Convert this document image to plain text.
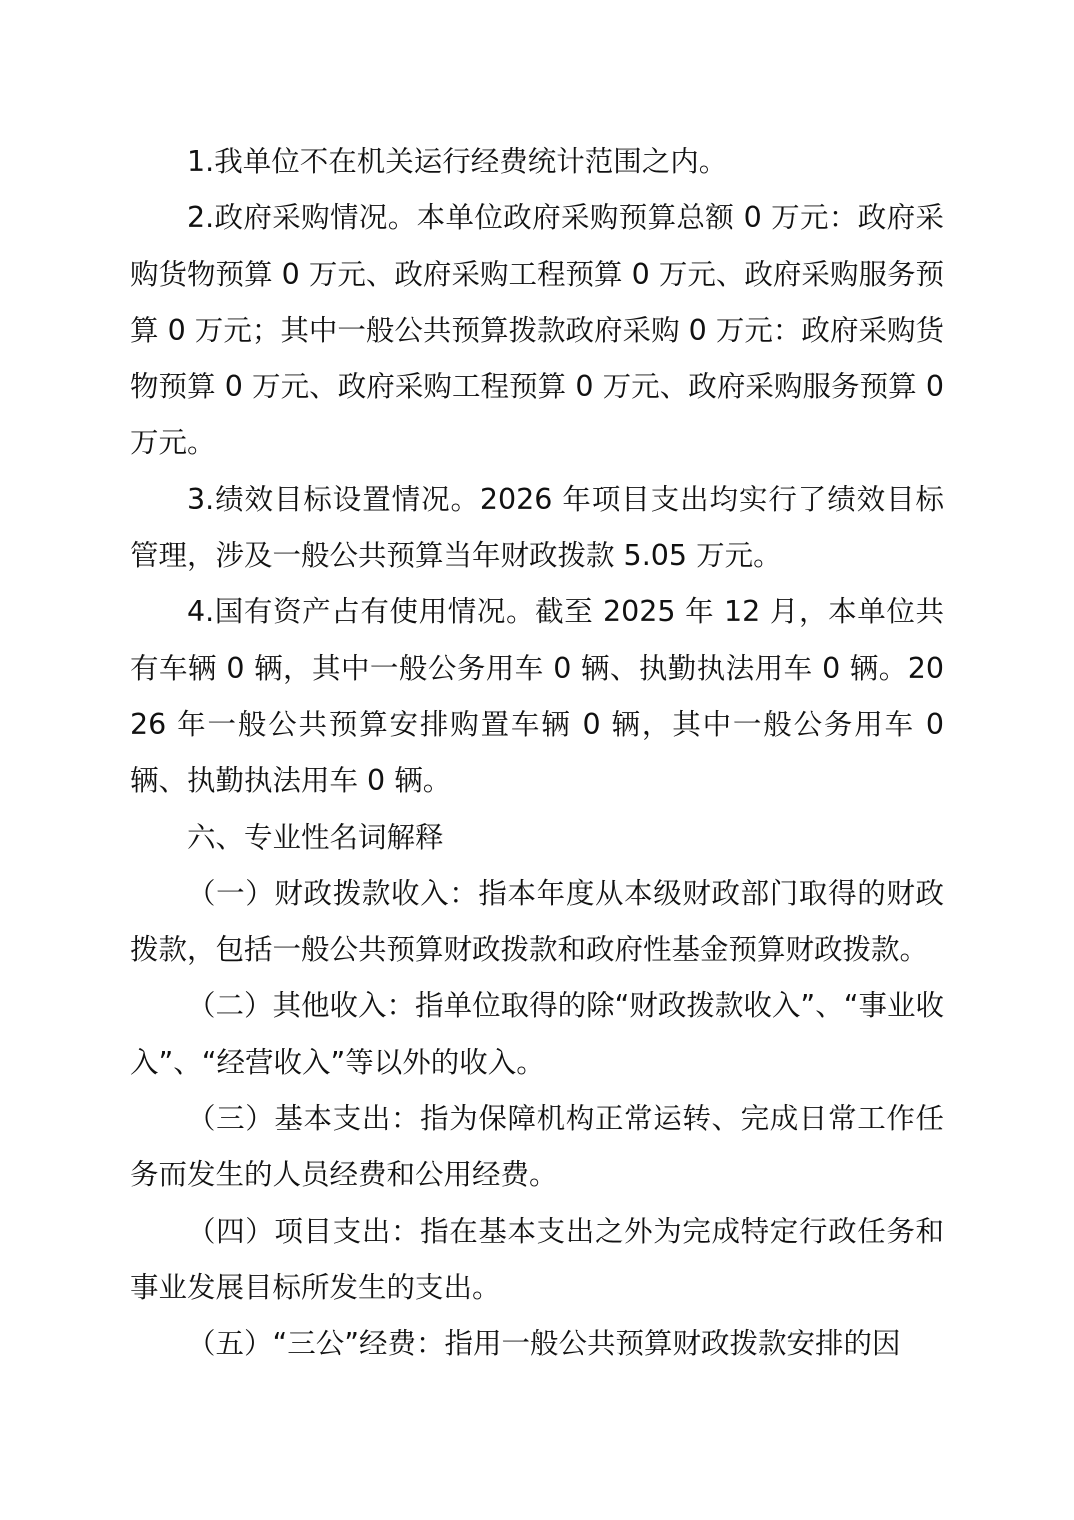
1.我单位不在机关运行经费统计范围之内。

2.政府采购情况。本单位政府采购预算总额 0 万元：政府采购货物预算 0 万元、政府采购工程预算 0 万元、政府采购服务预算 0 万元；其中一般公共预算拨款政府采购 0 万元：政府采购货物预算 0 万元、政府采购工程预算 0 万元、政府采购服务预算 0 万元。

3.绩效目标设置情况。2026 年项目支出均实行了绩效目标管理，涉及一般公共预算当年财政拨款 5.05 万元。

4.国有资产占有使用情况。截至 2025 年 12 月，本单位共有车辆 0 辆，其中一般公务用车 0 辆、执勤执法用车 0 辆。2026 年一般公共预算安排购置车辆 0 辆，其中一般公务用车 0 辆、执勤执法用车 0 辆。

六、专业性名词解释

（一）财政拨款收入：指本年度从本级财政部门取得的财政拨款，包括一般公共预算财政拨款和政府性基金预算财政拨款。

（二）其他收入：指单位取得的除“财政拨款收入”、“事业收入”、“经营收入”等以外的收入。

（三）基本支出：指为保障机构正常运转、完成日常工作任务而发生的人员经费和公用经费。

（四）项目支出：指在基本支出之外为完成特定行政任务和事业发展目标所发生的支出。

（五）“三公”经费：指用一般公共预算财政拨款安排的因
